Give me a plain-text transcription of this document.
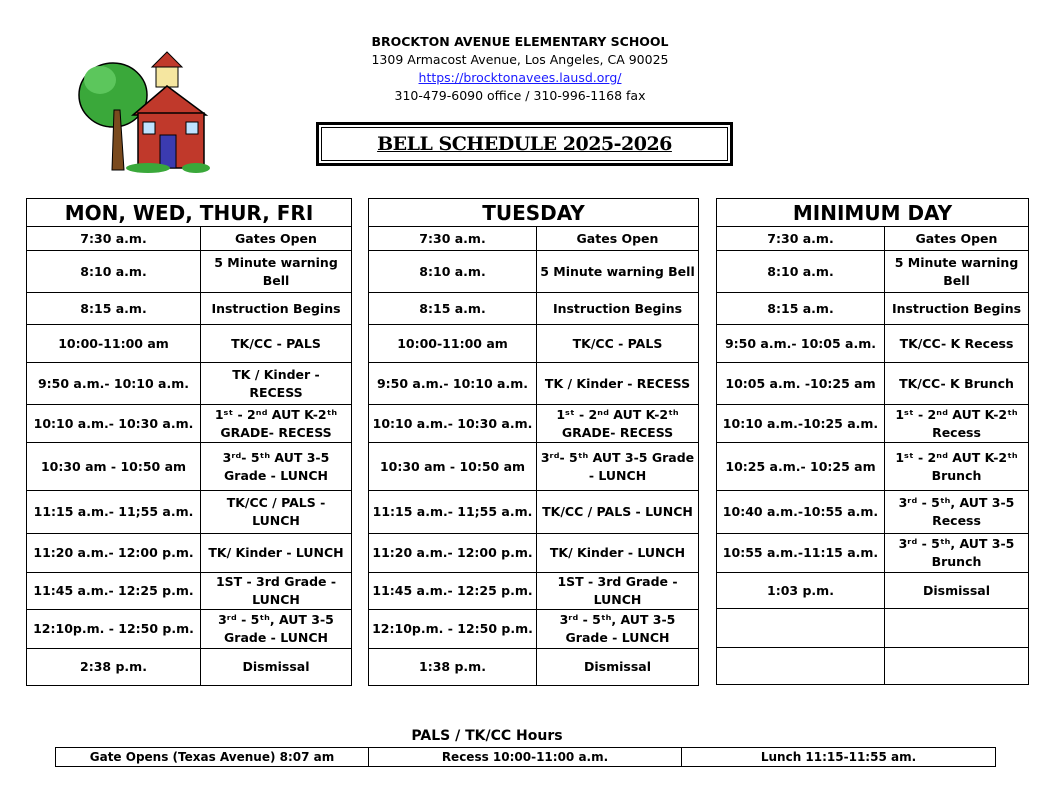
BROCKTON AVENUE ELEMENTARY SCHOOL
1309 Armacost Avenue, Los Angeles, CA 90025
https://brocktonavees.lausd.org/
310-479-6090 office / 310-996-1168 fax
BELL SCHEDULE 2025-2026
MON, WED, THUR, FRI	
7:30 a.m.	Gates Open
8:10 a.m.	5 Minute warning Bell
8:15 a.m.	Instruction Begins
10:00-11:00 am	TK/CC - PALS
9:50 a.m.- 10:10 a.m.	TK / Kinder - RECESS
10:10 a.m.- 10:30 a.m.	1ˢᵗ - 2ⁿᵈ AUT K-2ᵗʰ GRADE- RECESS
10:30 am - 10:50 am	3ʳᵈ- 5ᵗʰ AUT 3-5 Grade - LUNCH
11:15 a.m.- 11;55 a.m.	TK/CC / PALS - LUNCH
11:20 a.m.- 12:00 p.m.	TK/ Kinder - LUNCH
11:45 a.m.- 12:25 p.m.	1ST - 3rd Grade - LUNCH
12:10p.m. - 12:50 p.m.	3ʳᵈ - 5ᵗʰ, AUT 3-5 Grade - LUNCH
2:38 p.m.	Dismissal
TUESDAY	
7:30 a.m.	Gates Open
8:10 a.m.	5 Minute warning Bell
8:15 a.m.	Instruction Begins
10:00-11:00 am	TK/CC - PALS
9:50 a.m.- 10:10 a.m.	TK / Kinder - RECESS
10:10 a.m.- 10:30 a.m.	1ˢᵗ - 2ⁿᵈ AUT K-2ᵗʰ GRADE- RECESS
10:30 am - 10:50 am	3ʳᵈ- 5ᵗʰ AUT 3-5 Grade - LUNCH
11:15 a.m.- 11;55 a.m.	TK/CC / PALS - LUNCH
11:20 a.m.- 12:00 p.m.	TK/ Kinder - LUNCH
11:45 a.m.- 12:25 p.m.	1ST - 3rd Grade - LUNCH
12:10p.m. - 12:50 p.m.	3ʳᵈ - 5ᵗʰ, AUT 3-5 Grade - LUNCH
1:38 p.m.	Dismissal
MINIMUM DAY	
7:30 a.m.	Gates Open
8:10 a.m.	5 Minute warning Bell
8:15 a.m.	Instruction Begins
9:50 a.m.- 10:05 a.m.	TK/CC- K Recess
10:05 a.m. -10:25 am	TK/CC- K Brunch
10:10 a.m.-10:25 a.m.	1ˢᵗ - 2ⁿᵈ AUT K-2ᵗʰ Recess
10:25 a.m.- 10:25 am	1ˢᵗ - 2ⁿᵈ AUT K-2ᵗʰ Brunch
10:40 a.m.-10:55 a.m.	3ʳᵈ - 5ᵗʰ, AUT 3-5 Recess
10:55 a.m.-11:15 a.m.	3ʳᵈ - 5ᵗʰ, AUT 3-5 Brunch
1:03 p.m.	Dismissal

PALS / TK/CC Hours
Gate Opens (Texas Avenue) 8:07 am	Recess 10:00-11:00 a.m.	Lunch 11:15-11:55 am.
